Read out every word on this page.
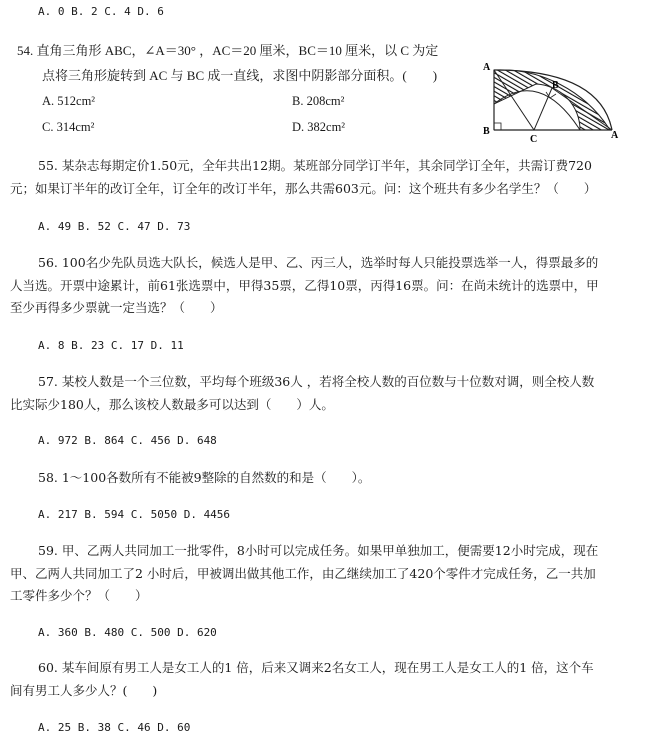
A. 0 B. 2 C. 4 D. 6
54. 直角三角形 ABC，∠A＝30° ，AC＝20 厘米，BC＝10 厘米，以 C 为定
点将三角形旋转到 AC 与 BC 成一直线，求图中阴影部分面积。(　　)
A. 512cm²	B. 208cm²
C. 314cm²	D. 382cm²
A
B
B
C	A
55. 某杂志每期定价1.50元，全年共出12期。某班部分同学订半年，其余同学订全年，共需订费720
元；如果订半年的改订全年，订全年的改订半年，那么共需603元。问：这个班共有多少名学生？（　　）
A. 49 B. 52 C. 47 D. 73
56. 100名少先队员选大队长，候选人是甲、乙、丙三人，选举时每人只能投票选举一人，得票最多的
人当选。开票中途累计，前61张选票中，甲得35票，乙得10票，丙得16票。问：在尚未统计的选票中，甲
至少再得多少票就一定当选？（　　）
A. 8 B. 23 C. 17 D. 11
57. 某校人数是一个三位数，平均每个班级36人 ，若将全校人数的百位数与十位数对调，则全校人数
比实际少180人，那么该校人数最多可以达到（　　）人。
A. 972 B. 864 C. 456 D. 648
58. 1～100各数所有不能被9整除的自然数的和是（　　）。
A. 217 B. 594 C. 5050 D. 4456
59. 甲、乙两人共同加工一批零件，8小时可以完成任务。如果甲单独加工，便需要12小时完成，现在
甲、乙两人共同加工了2 小时后，甲被调出做其他工作，由乙继续加工了420个零件才完成任务，乙一共加
工零件多少个？（　　）
A. 360 B. 480 C. 500 D. 620
60. 某车间原有男工人是女工人的1 倍，后来又调来2名女工人，现在男工人是女工人的1 倍，这个车
间有男工人多少人？(　　)
A. 25 B. 38 C. 46 D. 60
